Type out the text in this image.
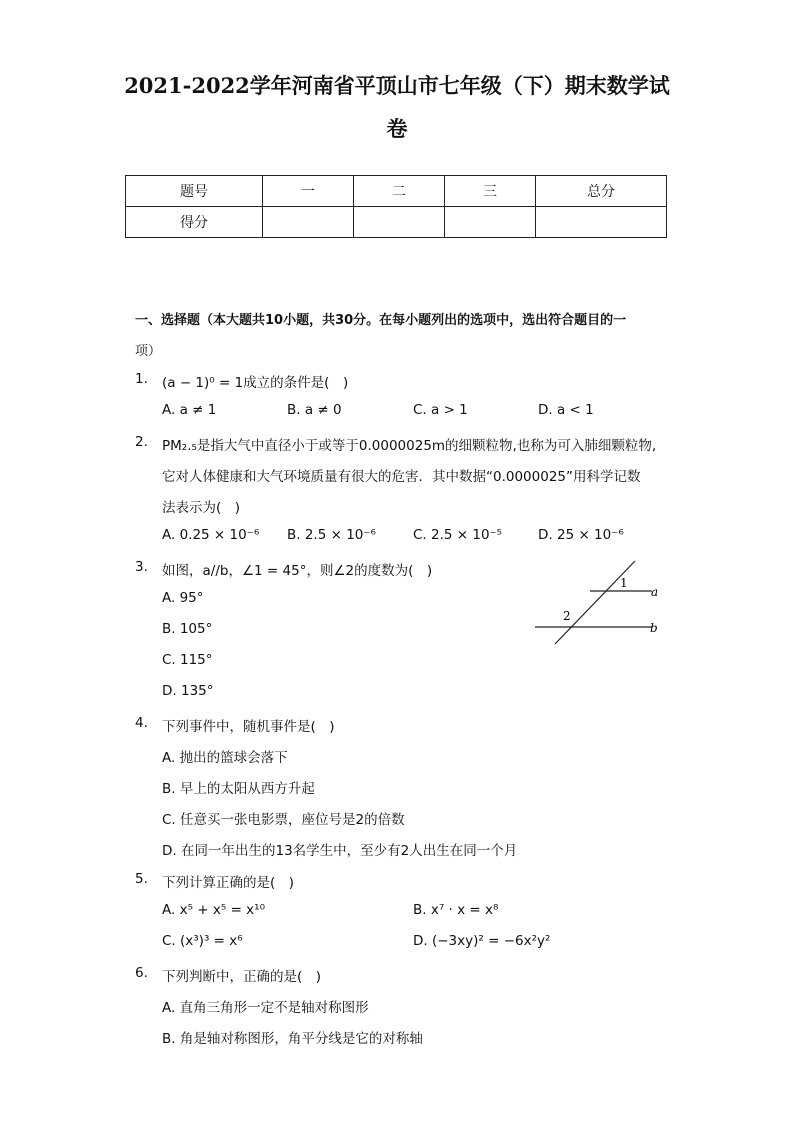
2021-2022学年河南省平顶山市七年级（下）期末数学试
卷
题号	一	二	三	总分
得分				
一、选择题（本大题共10小题，共30分。在每小题列出的选项中，选出符合题目的一
项）
1. (a − 1)⁰ = 1成立的条件是(　)
A. a ≠ 1	B. a ≠ 0	C. a > 1	D. a < 1
2. PM₂.₅是指大气中直径小于或等于0.0000025m的细颗粒物,也称为可入肺细颗粒物,
它对人体健康和大气环境质量有很大的危害．其中数据“0.0000025”用科学记数
法表示为(　)
A. 0.25 × 10⁻⁶ B. 2.5 × 10⁻⁶	C. 2.5 × 10⁻⁵	D. 25 × 10⁻⁶
3. 如图，a//b，∠1 = 45°，则∠2的度数为(　)
A. 95°
B. 105°
C. 115°
D. 135°
1
2
a
b
4. 下列事件中，随机事件是(　)
A. 抛出的篮球会落下
B. 早上的太阳从西方升起
C. 任意买一张电影票，座位号是2的倍数
D. 在同一年出生的13名学生中，至少有2人出生在同一个月
5. 下列计算正确的是(　)
A. x⁵ + x⁵ = x¹⁰	B. x⁷ · x = x⁸
C. (x³)³ = x⁶	D. (−3xy)² = −6x²y²
6. 下列判断中，正确的是(　)
A. 直角三角形一定不是轴对称图形
B. 角是轴对称图形，角平分线是它的对称轴
